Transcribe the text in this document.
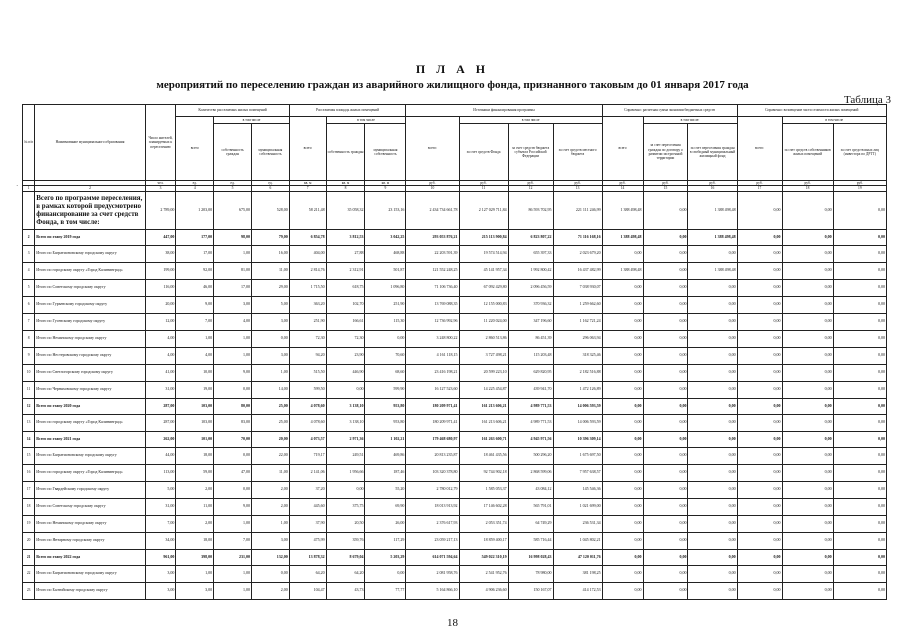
П Л А Н
мероприятий по переселению граждан из аварийного жилищного фонда, признанного таковым до 01 января 2017 года
Таблица 3
·
№ п/п	Наименование муниципального образования	Число жителей, планируемых к переселению	Количество расселяемых жилых помещений			Расселяемая площадь жилых помещений			Источники финансирования программы				Справочно: расчетная сумма экономии бюджетных средств			Справочно: возмещение части стоимости жилых помещений		
			всего	в том числе		всего	в том числе		всего:	в том числе			всего	в том числе:		всего:	в том числе	
				собственность граждан	муниципальная собственность		собственность граждан	муниципальная собственность		за счет средств Фонда	за счет средств бюджета субъекта Российской Федерации	за счет средств местного бюджета		за счет переселения граждан по договору о развитии застроенной территории	за счет переселения граждан в свободный муниципальный жилищный фонд		за счет средств собственников жилых помещений	за счет средств иных лиц (инвестора по ДРТТ)
		чел.	ед.	ед.	ед.	кв. м	кв. м	кв. м	руб.	руб.	руб.	руб.	руб.	руб.	руб.	руб.	руб.	руб.
1	2	3	4	5	6	7	8	9	10	11	12	13	14	15	16	17	18	19
	Всего по программе переселения, в рамках которой предусмотрено финансирование за счет средств Фонда, в том числе:	2 789,00	1 203,00	675,00	528,00	58 211,48	35 058,32	23 153,16	2 434 734 661,78	2 127 029 711,84	86 593 702,95	221 111 246,99	1 388 498,48	0,00	1 388 498,48	0,00	0,00	0,00
2	Всего по этапу 2019 года	447,00	177,00	98,00	79,00	6 854,78	3 812,53	3 042,25	293 053 876,21	215 113 900,84	6 823 807,22	71 116 168,16	1 388 498,48	0,00	1 388 498,48	0,00	0,00	0,00
3	Итого по Багратионовскому городскому округу	38,00	17,00	1,00	16,00	404,00	27,88	468,88	22 203 591,39	19 574 514,94	655 397,33	2 023 679,20	0,00	0,00	0,00	0,00	0,00	0,00
4	Итого по городскому округу «Город Калининград»	199,00	92,00	81,00	11,00	2 814,76	2 312,91	501,87	121 552 248,25	45 141 957,34	1 992 800,42	16 437 482,99	1 388 498,48	0,00	1 388 498,48	0,00	0,00	0,00
5	Итого по Советскому городскому округу	116,00	46,00	17,00	29,00	1 715,50	618,75	1 096,80	71 106 736,40	67 092 429,80	2 096 456,59	7 038 930,07	0,00	0,00	0,00	0,00	0,00	0,00
6	Итого по Гурьевскому городскому округу	20,00	9,00	3,00	5,00	363,20	102,70	251,90	13 769 088,35	12 155 000,83	370 936,32	1 259 662,60	0,00	0,00	0,00	0,00	0,00	0,00
7	Итого по Гусевскому городскому округу	12,00	7,00	4,00	3,00	251,90	166,61	115,30	12 736 992,96	11 220 024,00	347 196,60	1 162 721,24	0,00	0,00	0,00	0,00	0,00	0,00
8	Итого по Неманскому городскому округу	4,00	1,00	1,00	0,00	72,30	72,30	0,00	3 248 800,22	2 860 513,86	86 451,39	296 063,94	0,00	0,00	0,00	0,00	0,00	0,00
9	Итого по Нестеровскому городскому округу	4,00	4,00	1,00	3,00	94,20	23,90	70,60	4 161 118,15	3 727 498,21	115 203,48	318 325,46	0,00	0,00	0,00	0,00	0,00	0,00
10	Итого по Светлогорскому городскому округу	41,00	10,00	9,00	1,00	515,50	446,90	68,60	23 416 198,21	20 599 223,10	629 820,95	2 182 516,88	0,00	0,00	0,00	0,00	0,00	0,00
11	Итого по Черняховскому городскому округу	31,00	19,00	0,00	14,00	599,50	0,00	599,90	16 127 523,60	14 225 454,87	439 941,70	1 472 126,89	0,00	0,00	0,00	0,00	0,00	0,00
12	Всего по этапу 2020 года	287,00	103,00	80,00	25,00	4 078,60	3 138,10	953,80	180 209 971,41	161 213 606,21	4 989 771,53	14 006 593,59	0,00	0,00	0,00	0,00	0,00	0,00
13	Итого по городскому округу «Город Калининград»	287,00	103,00	83,00	25,00	4 078,60	3 138,10	953,80	180 209 971,41	161 213 606,21	4 989 771,53	14 006 593,59	0,00	0,00	0,00	0,00	0,00	0,00
14	Всего по этапу 2021 года	262,00	101,00	70,00	20,00	4 073,57	2 971,36	1 102,21	179 468 680,97	161 263 600,71	4 945 971,56	10 396 309,14	0,00	0,00	0,00	0,00	0,00	0,00
15	Итого по Багратионовскому городскому округу	44,00	18,00	0,00	22,00	719,17	249,51	469,86	20 813 235,87	18 461 435,56	500 296,20	1 675 697,50	0,00	0,00	0,00	0,00	0,00	0,00
16	Итого по городскому округу «Город Калининград»	113,00	59,00	47,00	11,00	2 141,06	1 956,66	187,46	103 320 378,80	92 744 902,18	2 868 599,06	7 957 638,57	0,00	0,00	0,00	0,00	0,00	0,00
17	Итого по Гвардейскому городскому округу	5,00	2,00	0,00	2,00	37,20	0,00	55,20	2 780 012,79	1 585 053,37	43 084,12	145 546,36	0,00	0,00	0,00	0,00	0,00	0,00
18	Итого по Советскому городскому округу	31,00	11,00	9,00	2,00	445,60	375,75	69,90	18 013 913,92	17 146 602,28	565 791,01	1 021 699,00	0,00	0,00	0,00	0,00	0,00	0,00
19	Итого по Неманскому городскому округу	7,00	2,00	1,00	1,00	37,90	20,50	26,00	2 376 617,93	2 053 351,74	64 749,29	236 531,34	0,00	0,00	0,00	0,00	0,00	0,00
20	Итого по Янтарному городскому округу	34,00	18,00	7,00	3,00	475,99	359,76	117,29	23 059 217,13	18 859 400,17	585 716,44	1 045 802,21	0,00	0,00	0,00	0,00	0,00	0,00
21	Всего по этапу 2022 года	961,00	398,00	231,00	132,00	13 878,32	8 679,04	5 203,29	614 071 594,64	549 022 310,19	16 998 028,43	47 120 011,76	0,00	0,00	0,00	0,00	0,00	0,00
22	Итого по Багратионовскому городскому округу	3,00	1,00	1,00	0,00	64,20	64,20	0,00	2 081 958,76	2 541 952,76	78 980,00	381 198,25	0,00	0,00	0,00	0,00	0,00	0,00
23	Итого по Балтийскому городскому округу	3,00	3,00	1,00	2,00	104,47	43,73	77,77	5 164 866,10	4 906 236,60	150 167,07	414 172,53	0,00	0,00	0,00	0,00	0,00	0,00
18
